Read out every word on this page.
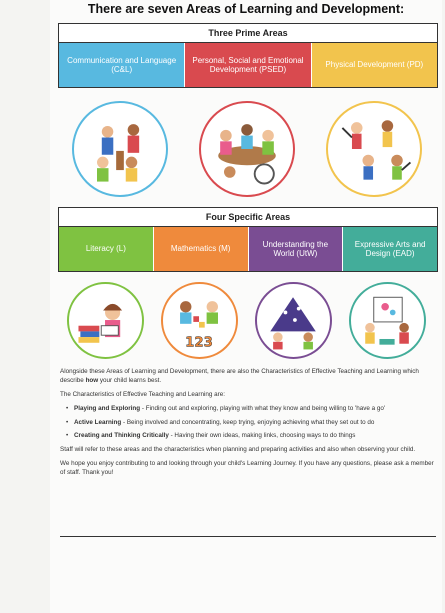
There are seven Areas of Learning and Development:
Three Prime Areas
Communication and Language (C&L)
Personal, Social and Emotional Development (PSED)
Physical Development (PD)
Four Specific Areas
Literacy (L)	Mathematics (M)
Understanding the World (UtW)
Expressive Arts and Design (EAD)
123

Alongside these Areas of Learning and Development, there are also the Characteristics of Effective Teaching and Learning which describe how your child learns best.

The Characteristics of Effective Teaching and Learning are:

• Playing and Exploring - Finding out and exploring, playing with what they know and being willing to 'have a go'
• Active Learning - Being involved and concentrating, keep trying, enjoying achieving what they set out to do
• Creating and Thinking Critically - Having their own ideas, making links, choosing ways to do things

Staff will refer to these areas and the characteristics when planning and preparing activities and also when observing your child.

We hope you enjoy contributing to and looking through your child's Learning Journey. If you have any questions, please ask a member of staff. Thank you!
